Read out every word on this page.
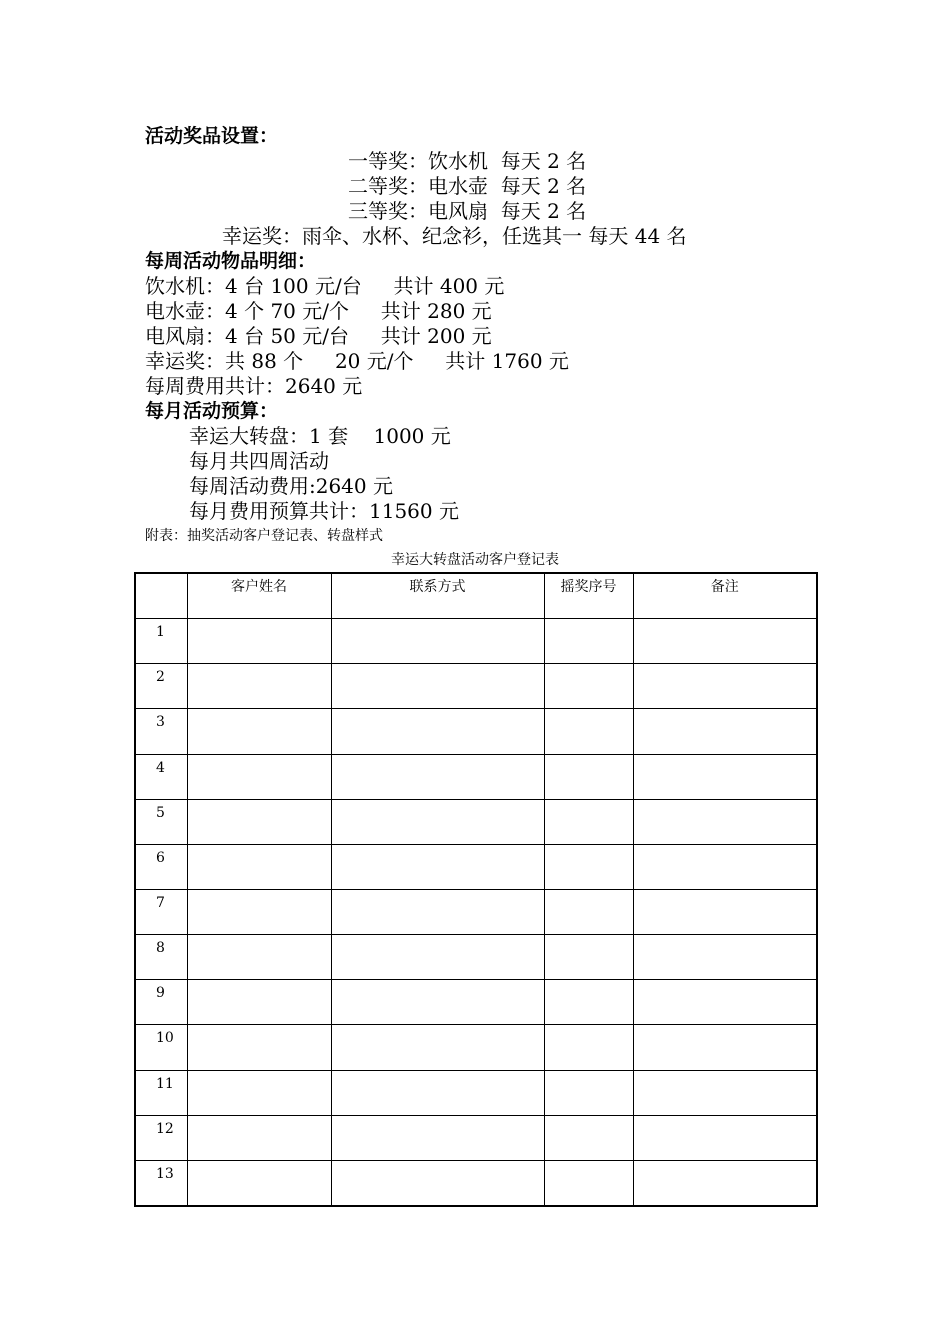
活动奖品设置：
一等奖：饮水机  每天 2 名
二等奖：电水壶  每天 2 名
三等奖：电风扇  每天 2 名
幸运奖：雨伞、水杯、纪念衫，任选其一 每天 44 名
每周活动物品明细：
饮水机：4 台 100 元/台     共计 400 元
电水壶：4 个 70 元/个     共计 280 元
电风扇：4 台 50 元/台     共计 200 元
幸运奖：共 88 个     20 元/个     共计 1760 元
每周费用共计：2640 元
每月活动预算：
幸运大转盘：1 套    1000 元
每月共四周活动
每周活动费用:2640 元
每月费用预算共计：11560 元
附表：抽奖活动客户登记表、转盘样式
幸运大转盘活动客户登记表
	客户姓名	联系方式	摇奖序号	备注
1				
2				
3				
4				
5				
6				
7				
8				
9				
10				
11				
12				
13				
